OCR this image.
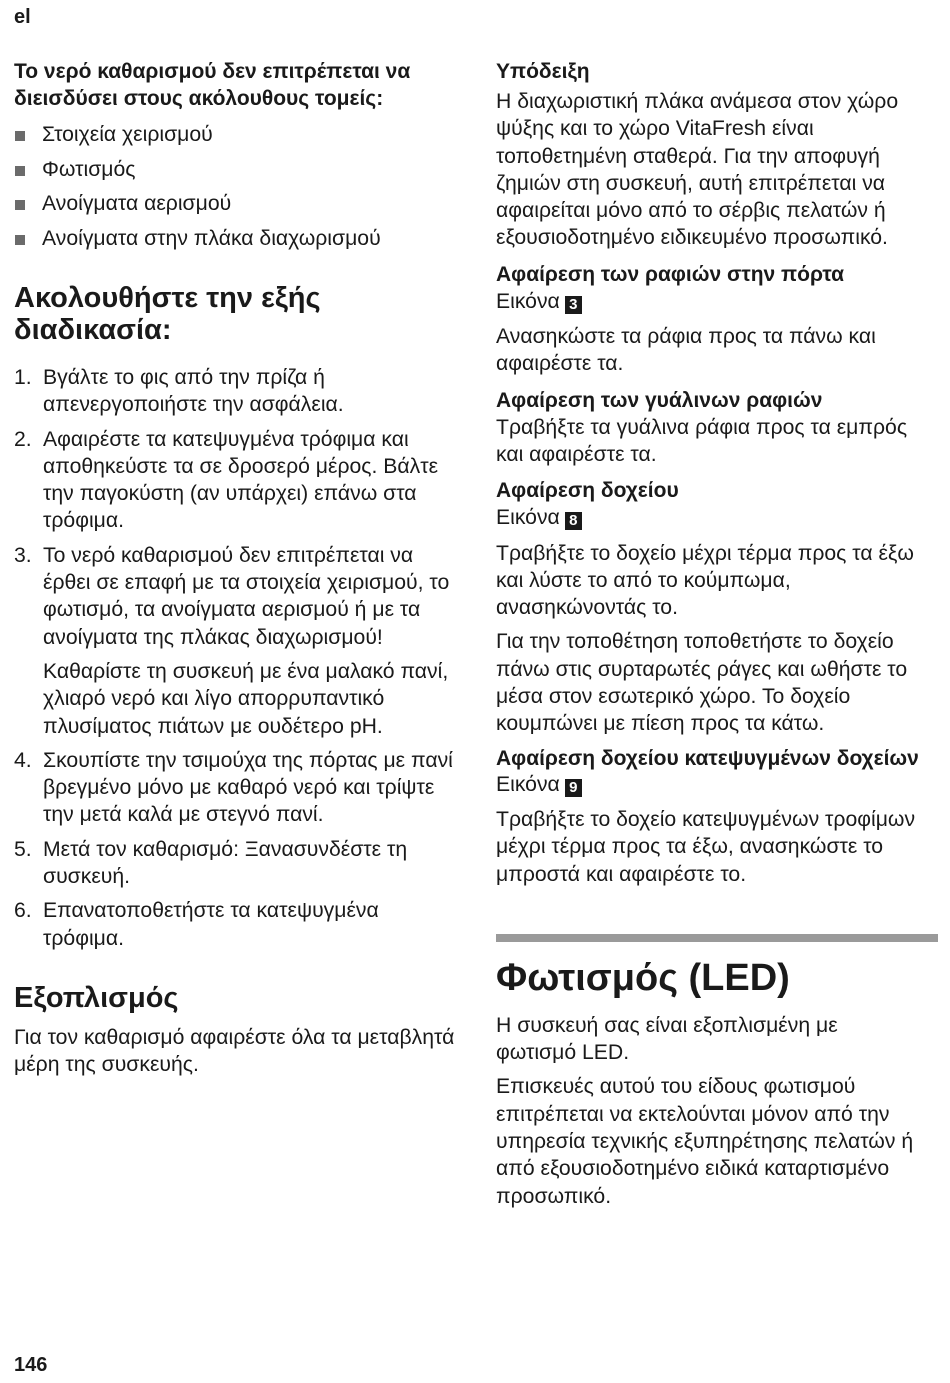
el

Το νερό καθαρισμού δεν επιτρέπεται να διεισδύσει στους ακόλουθους τομείς:

Στοιχεία χειρισμού
Φωτισμός
Ανοίγματα αερισμού
Ανοίγματα στην πλάκα διαχωρισμού

Ακολουθήστε την εξής διαδικασία:

1. Βγάλτε το φις από την πρίζα ή απενεργοποιήστε την ασφάλεια.
2. Αφαιρέστε τα κατεψυγμένα τρόφιμα και αποθηκεύστε τα σε δροσερό μέρος. Βάλτε την παγοκύστη (αν υπάρχει) επάνω στα τρόφιμα.
3. Το νερό καθαρισμού δεν επιτρέπεται να έρθει σε επαφή με τα στοιχεία χειρισμού, το φωτισμό, τα ανοίγματα αερισμού ή με τα ανοίγματα της πλάκας διαχωρισμού!

Καθαρίστε τη συσκευή με ένα μαλακό πανί, χλιαρό νερό και λίγο απορρυπαντικό πλυσίματος πιάτων με ουδέτερο pH.

4. Σκουπίστε την τσιμούχα της πόρτας με πανί βρεγμένο μόνο με καθαρό νερό και τρίψτε την μετά καλά με στεγνό πανί.
5. Μετά τον καθαρισμό: Ξανασυνδέστε τη συσκευή.
6. Επανατοποθετήστε τα κατεψυγμένα τρόφιμα.

Εξοπλισμός

Για τον καθαρισμό αφαιρέστε όλα τα μεταβλητά μέρη της συσκευής.

Υπόδειξη

Η διαχωριστική πλάκα ανάμεσα στον χώρο ψύξης και το χώρο VitaFresh είναι τοποθετημένη σταθερά. Για την αποφυγή ζημιών στη συσκευή, αυτή επιτρέπεται να αφαιρείται μόνο από το σέρβις πελατών ή εξουσιοδοτημένο ειδικευμένο προσωπικό.

Αφαίρεση των ραφιών στην πόρτα

Εικόνα 3

Ανασηκώστε τα ράφια προς τα πάνω και αφαιρέστε τα.

Αφαίρεση των γυάλινων ραφιών

Τραβήξτε τα γυάλινα ράφια προς τα εμπρός και αφαιρέστε τα.

Αφαίρεση δοχείου

Εικόνα 8

Τραβήξτε το δοχείο μέχρι τέρμα προς τα έξω και λύστε το από το κούμπωμα, ανασηκώνοντάς το.

Για την τοποθέτηση τοποθετήστε το δοχείο πάνω στις συρταρωτές ράγες και ωθήστε το μέσα στον εσωτερικό χώρο. Το δοχείο κουμπώνει με πίεση προς τα κάτω.

Αφαίρεση δοχείου κατεψυγμένων δοχείων

Εικόνα 9

Τραβήξτε το δοχείο κατεψυγμένων τροφίμων μέχρι τέρμα προς τα έξω, ανασηκώστε το μπροστά και αφαιρέστε το.

Φωτισμός (LED)

Η συσκευή σας είναι εξοπλισμένη με φωτισμό LED.

Επισκευές αυτού του είδους φωτισμού επιτρέπεται να εκτελούνται μόνον από την υπηρεσία τεχνικής εξυπηρέτησης πελατών ή από εξουσιοδοτημένο ειδικά καταρτισμένο προσωπικό.

146
